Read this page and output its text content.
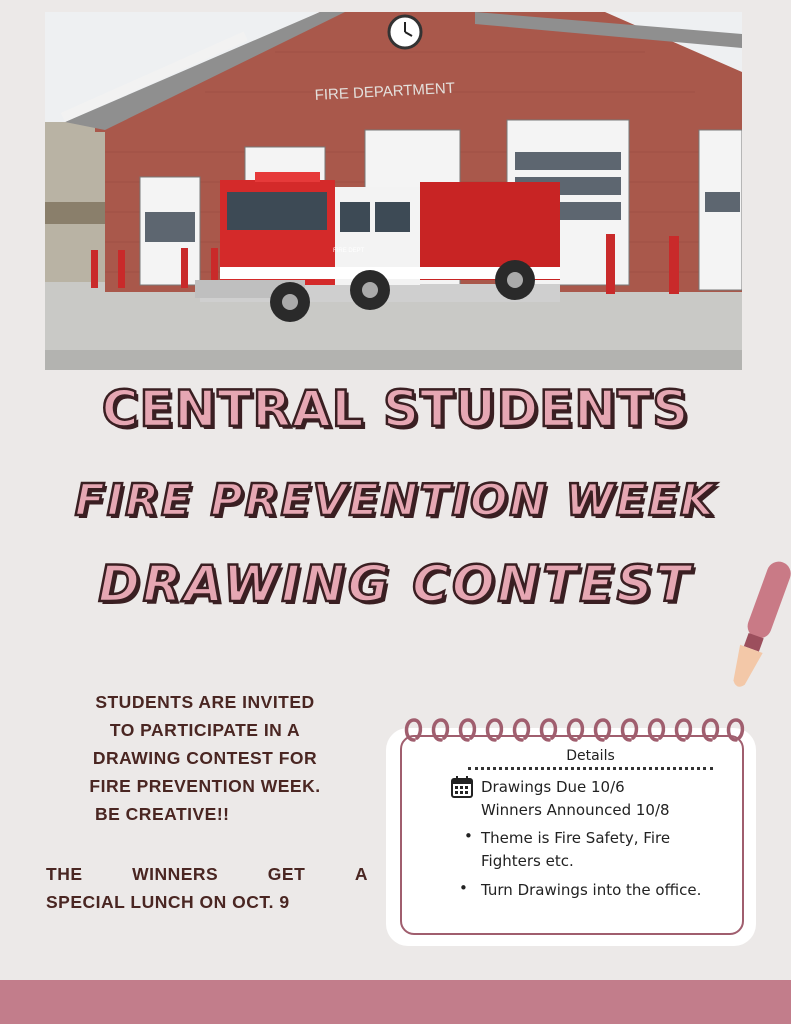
FIRE DEPARTMENT
FIRE DEPT
CENTRAL STUDENTS
FIRE PREVENTION WEEK
DRAWING CONTEST
STUDENTS ARE INVITED
TO PARTICIPATE IN A
DRAWING CONTEST FOR
FIRE PREVENTION WEEK.
BE CREATIVE!!
THE	WINNERS	GET	A
SPECIAL LUNCH ON OCT. 9
Details
Drawings Due 10/6
Winners Announced 10/8
• Theme is Fire Safety, Fire Fighters etc.
• Turn Drawings into the office.
